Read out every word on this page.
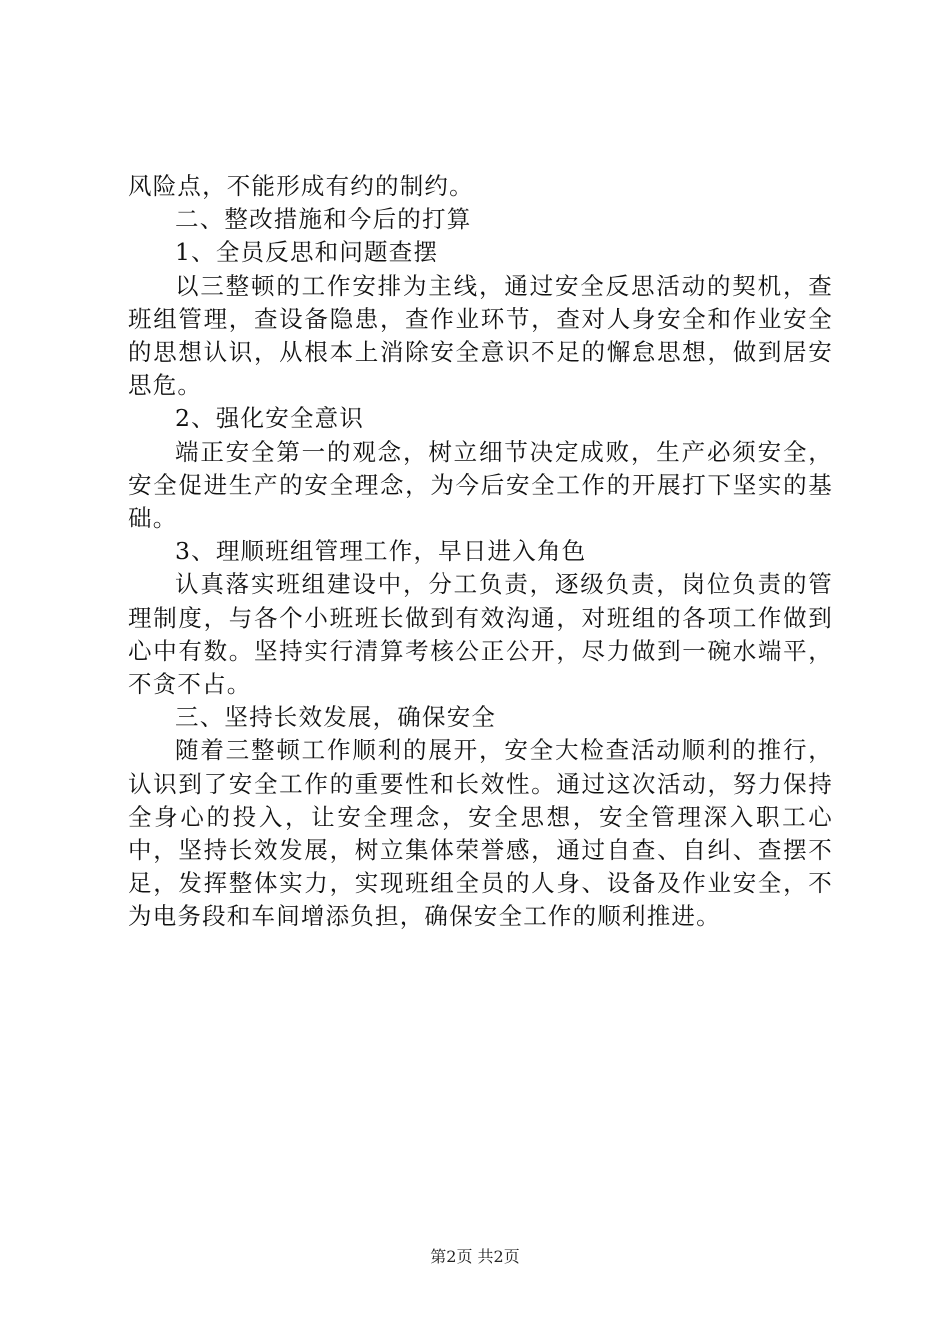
风险点，不能形成有约的制约。

二、整改措施和今后的打算

1、全员反思和问题查摆

以三整顿的工作安排为主线，通过安全反思活动的契机，查班组管理，查设备隐患，查作业环节，查对人身安全和作业安全的思想认识，从根本上消除安全意识不足的懈怠思想，做到居安思危。

2、强化安全意识

端正安全第一的观念，树立细节决定成败，生产必须安全，安全促进生产的安全理念，为今后安全工作的开展打下坚实的基础。

3、理顺班组管理工作，早日进入角色

认真落实班组建设中，分工负责，逐级负责，岗位负责的管理制度，与各个小班班长做到有效沟通，对班组的各项工作做到心中有数。坚持实行清算考核公正公开，尽力做到一碗水端平，不贪不占。

三、坚持长效发展，确保安全

随着三整顿工作顺利的展开，安全大检查活动顺利的推行，认识到了安全工作的重要性和长效性。通过这次活动，努力保持全身心的投入，让安全理念，安全思想，安全管理深入职工心中，坚持长效发展，树立集体荣誉感，通过自查、自纠、查摆不足，发挥整体实力，实现班组全员的人身、设备及作业安全，不为电务段和车间增添负担，确保安全工作的顺利推进。

第2页 共2页
